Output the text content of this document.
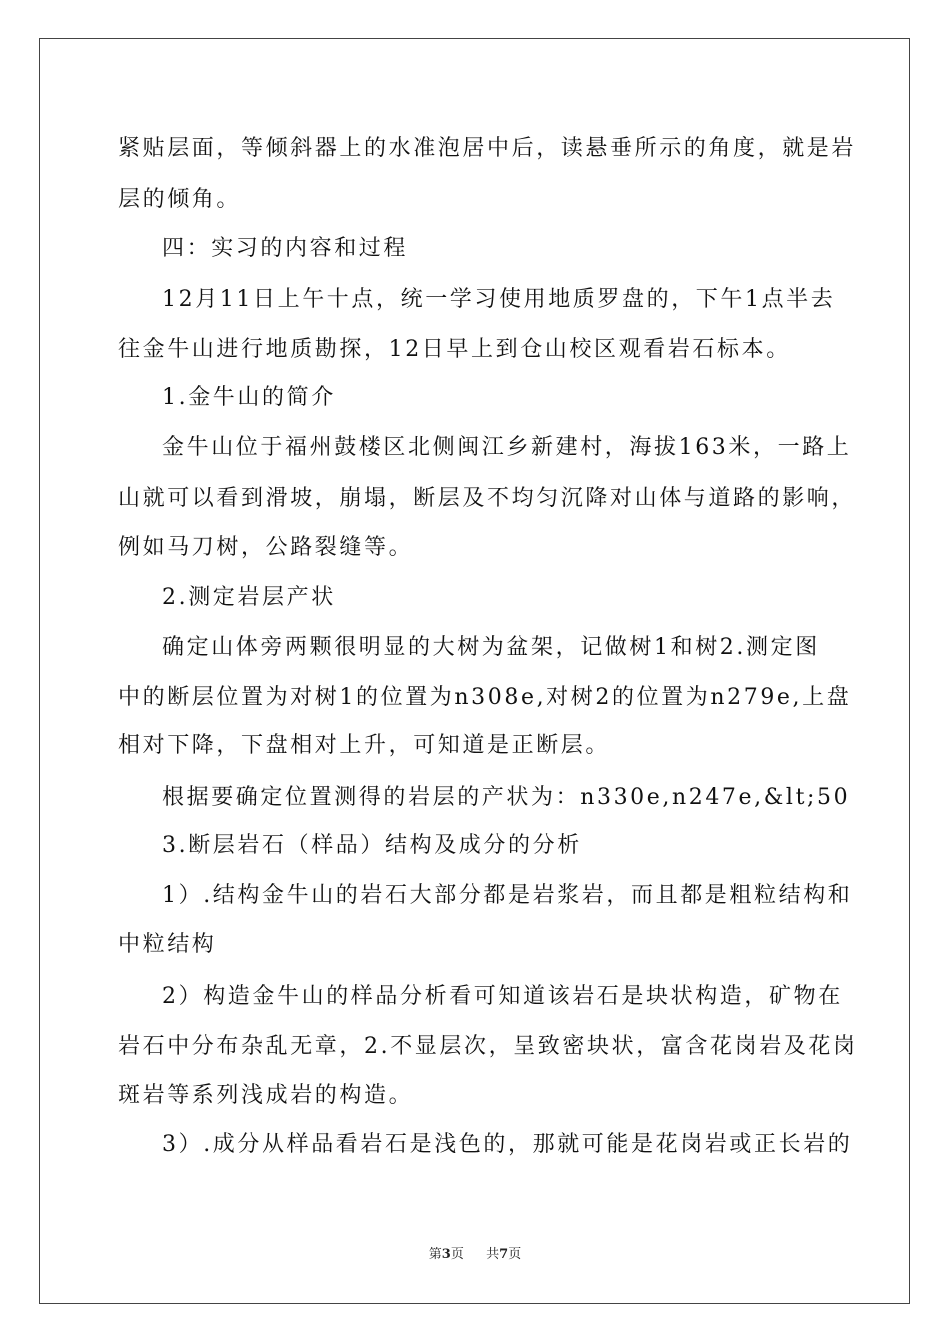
紧贴层面，等倾斜器上的水准泡居中后，读悬垂所示的角度，就是岩
层的倾角。
四：实习的内容和过程
12月11日上午十点，统一学习使用地质罗盘的，下午1点半去
往金牛山进行地质勘探，12日早上到仓山校区观看岩石标本。
1.金牛山的简介
金牛山位于福州鼓楼区北侧闽江乡新建村，海拔163米，一路上
山就可以看到滑坡，崩塌，断层及不均匀沉降对山体与道路的影响，
例如马刀树，公路裂缝等。
2.测定岩层产状
确定山体旁两颗很明显的大树为盆架，记做树1和树2.测定图
中的断层位置为对树1的位置为n308e,对树2的位置为n279e,上盘
相对下降，下盘相对上升，可知道是正断层。
根据要确定位置测得的岩层的产状为：n330e,n247e,&lt;50
3.断层岩石（样品）结构及成分的分析
1）.结构金牛山的岩石大部分都是岩浆岩，而且都是粗粒结构和
中粒结构
2）构造金牛山的样品分析看可知道该岩石是块状构造，矿物在
岩石中分布杂乱无章，2.不显层次，呈致密块状，富含花岗岩及花岗
斑岩等系列浅成岩的构造。
3）.成分从样品看岩石是浅色的，那就可能是花岗岩或正长岩的
第3页 共7页
